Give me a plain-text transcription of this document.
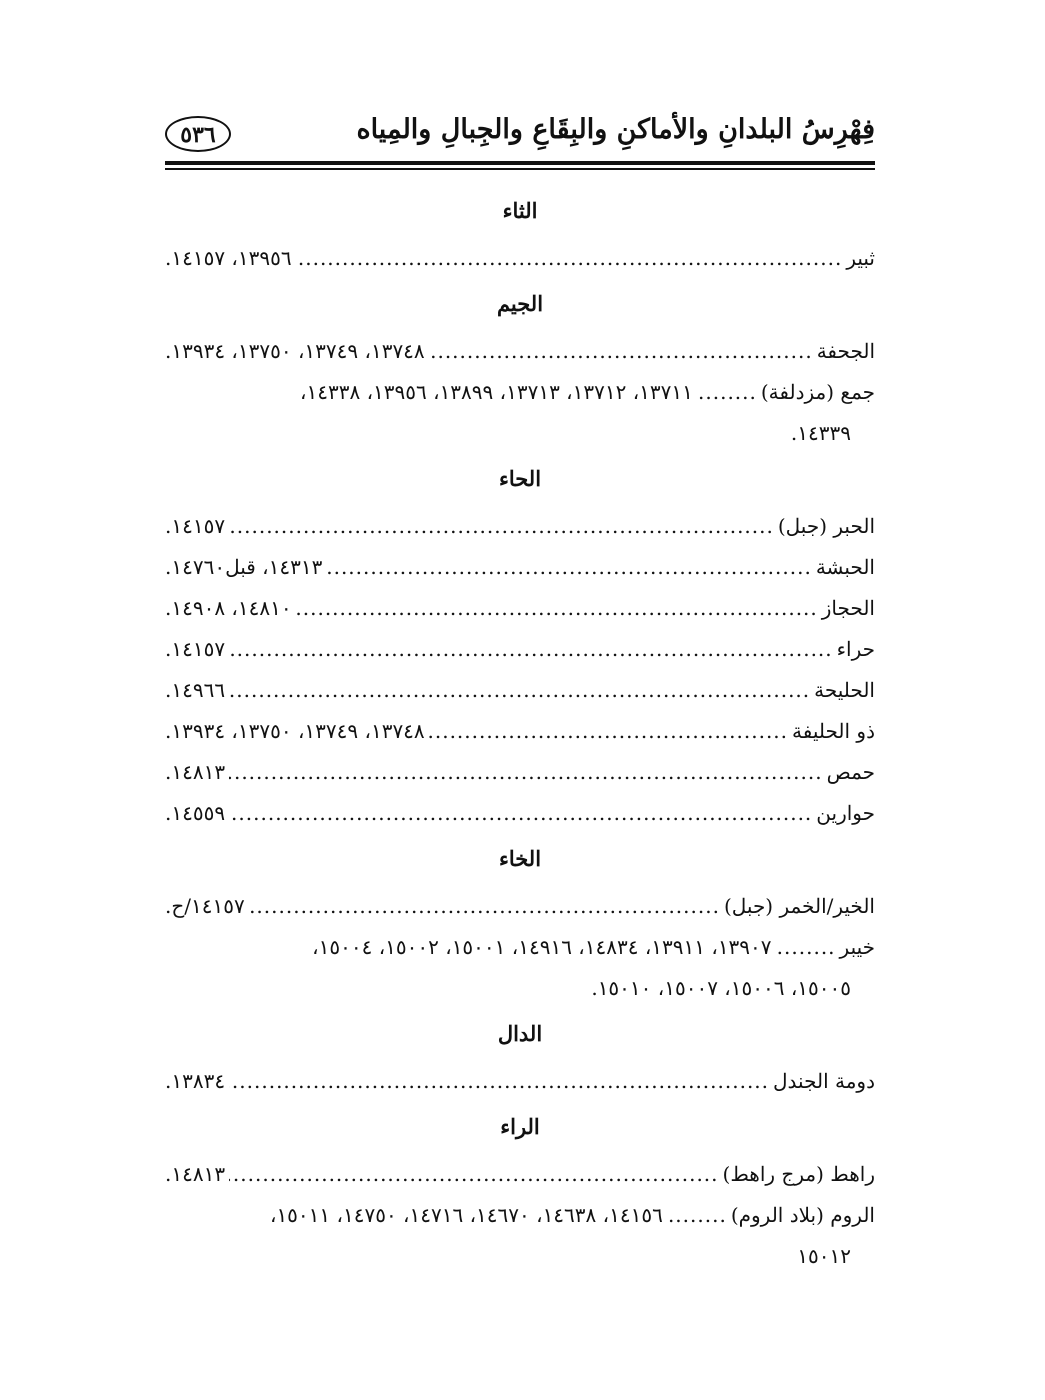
فِهْرِسُ البلدانِ والأماكنِ والبِقَاعِ والجِبالِ والمِياه
٥٣٦
الثاء
ثبير
.....
١٣٩٥٦، ١٤١٥٧.
الجيم
الجحفة
.....
١٣٧٤٨، ١٣٧٤٩، ١٣٧٥٠، ١٣٩٣٤.
جمع (مزدلفة)
.....
١٣٧١١، ١٣٧١٢، ١٣٧١٣، ١٣٨٩٩، ١٣٩٥٦، ١٤٣٣٨،
١٤٣٣٩.
الحاء
الحبر (جبل)
.....
١٤١٥٧.
الحبشة
.....
١٤٣١٣، قبل١٤٧٦٠.
الحجاز
.....
١٤٨١٠، ١٤٩٠٨.
حراء
.....
١٤١٥٧.
الحليحة
.....
١٤٩٦٦.
ذو الحليفة
.....
١٣٧٤٨، ١٣٧٤٩، ١٣٧٥٠، ١٣٩٣٤.
حمص
.....
١٤٨١٣.
حوارين
.....
١٤٥٥٩.
الخاء
الخير/الخمر (جبل)
.....
١٤١٥٧/ح.
خيبر
.....
١٣٩٠٧، ١٣٩١١، ١٤٨٣٤، ١٤٩١٦، ١٥٠٠١، ١٥٠٠٢، ١٥٠٠٤،
١٥٠٠٥، ١٥٠٠٦، ١٥٠٠٧، ١٥٠١٠.
الدال
دومة الجندل
.....
١٣٨٣٤.
الراء
راهط (مرج راهط)
.....
١٤٨١٣.
الروم (بلاد الروم)
.....
١٤١٥٦، ١٤٦٣٨، ١٤٦٧٠، ١٤٧١٦، ١٤٧٥٠، ١٥٠١١،
١٥٠١٢
